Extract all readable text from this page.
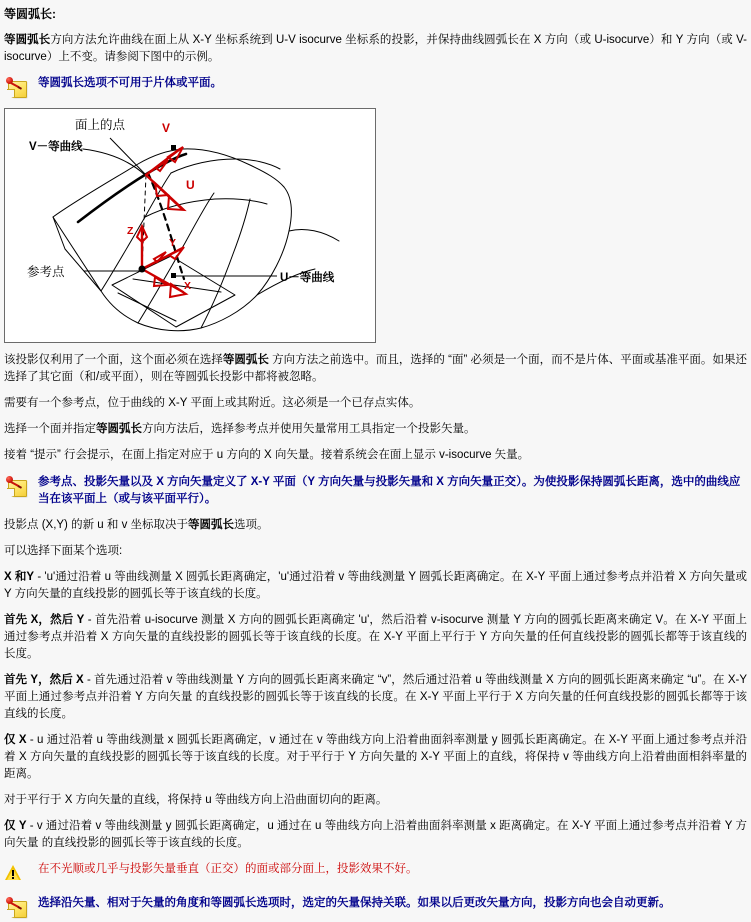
等圆弧长:

等圆弧长方向方法允许曲线在面上从 X-Y 坐标系统到 U-V isocurve 坐标系的投影，并保持曲线圆弧长在 X 方向（或 U-isocurve）和 Y 方向（或 V-isocurve）上不变。请参阅下图中的示例。

等圆弧长选项不可用于片体或平面。
面上的点
V－等曲线
U－等曲线
参考点
V
U
Z
Y
X

该投影仅利用了一个面，这个面必须在选择等圆弧长 方向方法之前选中。而且，选择的 “面” 必须是一个面，而不是片体、平面或基准平面。如果还选择了其它面（和/或平面），则在等圆弧长投影中都将被忽略。

需要有一个参考点，位于曲线的 X-Y 平面上或其附近。这必须是一个已存点实体。

选择一个面并指定等圆弧长方向方法后，选择参考点并使用矢量常用工具指定一个投影矢量。

接着 “提示” 行会提示，在面上指定对应于 u 方向的 X 向矢量。接着系统会在面上显示 v-isocurve 矢量。

参考点、投影矢量以及 X 方向矢量定义了 X-Y 平面（Y 方向矢量与投影矢量和 X 方向矢量正交）。为使投影保持圆弧长距离，选中的曲线应当在该平面上（或与该平面平行）。

投影点 (X,Y) 的新 u 和 v 坐标取决于等圆弧长选项。

可以选择下面某个选项:

X 和Y - 'u'通过沿着 u 等曲线测量 X 圆弧长距离确定，'u'通过沿着 v 等曲线测量 Y 圆弧长距离确定。在 X-Y 平面上通过参考点并沿着 X 方向矢量或 Y 方向矢量的直线投影的圆弧长等于该直线的长度。

首先 X，然后 Y - 首先沿着 u-isocurve 测量 X 方向的圆弧长距离确定 'u'，然后沿着 v-isocurve 测量 Y 方向的圆弧长距离来确定 V。在 X-Y 平面上通过参考点并沿着 X 方向矢量的直线投影的圆弧长等于该直线的长度。在 X-Y 平面上平行于 Y 方向矢量的任何直线投影的圆弧长都等于该直线的长度。

首先 Y，然后 X - 首先通过沿着 v 等曲线测量 Y 方向的圆弧长距离来确定 “v”，然后通过沿着 u 等曲线测量 X 方向的圆弧长距离来确定 “u”。在 X-Y 平面上通过参考点并沿着 Y 方向矢量 的直线投影的圆弧长等于该直线的长度。在 X-Y 平面上平行于 X 方向矢量的任何直线投影的圆弧长都等于该直线的长度。

仅 X - u 通过沿着 u 等曲线测量 x 圆弧长距离确定，v 通过在 v 等曲线方向上沿着曲面斜率测量 y 圆弧长距离确定。在 X-Y 平面上通过参考点并沿着 X 方向矢量的直线投影的圆弧长等于该直线的长度。对于平行于 Y 方向矢量的 X-Y 平面上的直线，将保持 v 等曲线方向上沿着曲面相斜率量的距离。

对于平行于 X 方向矢量的直线，将保持 u 等曲线方向上沿曲面切向的距离。

仅 Y - v 通过沿着 v 等曲线测量 y 圆弧长距离确定，u 通过在 u 等曲线方向上沿着曲面斜率测量 x 距离确定。在 X-Y 平面上通过参考点并沿着 Y 方向矢量 的直线投影的圆弧长等于该直线的长度。

在不光顺或几乎与投影矢量垂直（正交）的面或部分面上，投影效果不好。
选择沿矢量、相对于矢量的角度和等圆弧长选项时，选定的矢量保持关联。如果以后更改矢量方向，投影方向也会自动更新。
